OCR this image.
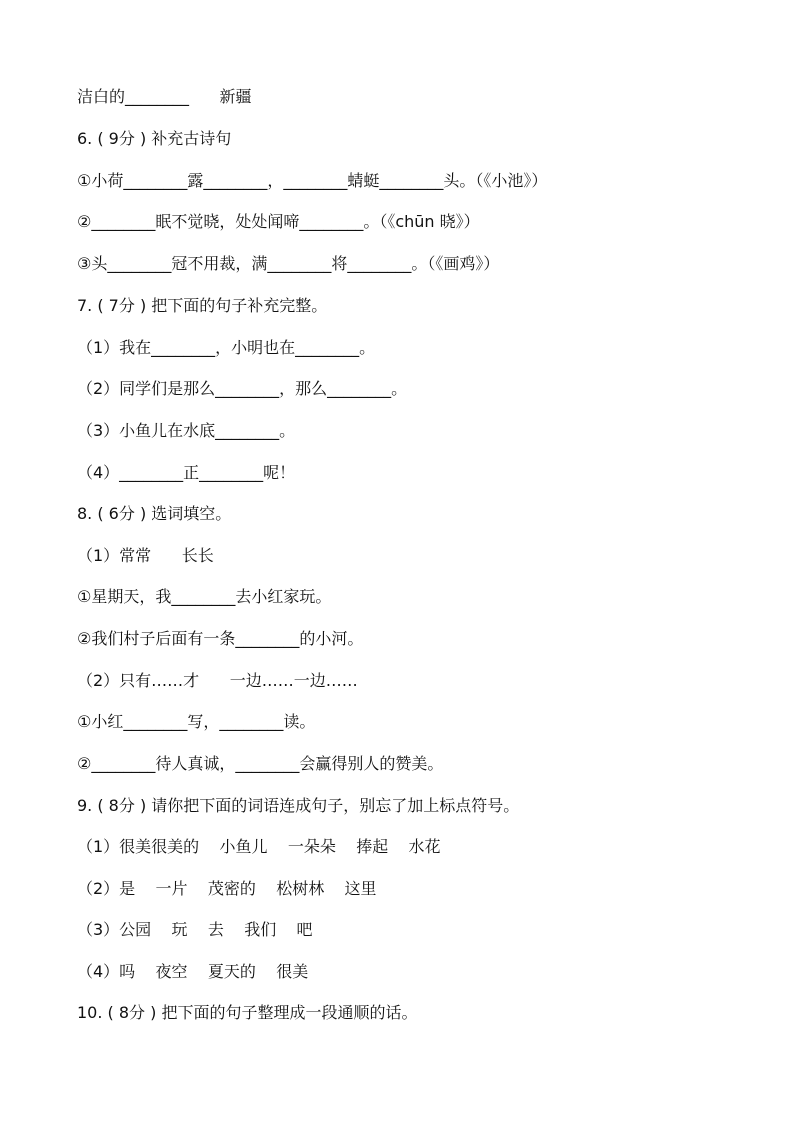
洁白的________      新疆
6. ( 9分 ) 补充古诗句
①小荷________露________，________蜻蜓________头。（《小池》）
②________眠不觉晓，处处闻啼________。（《chūn 晓》）
③头________冠不用裁，满________将________。（《画鸡》）
7. ( 7分 ) 把下面的句子补充完整。
（1）我在________，小明也在________。
（2）同学们是那么________，那么________。
（3）小鱼儿在水底________。
（4）________正________呢！
8. ( 6分 ) 选词填空。
（1）常常      长长
①星期天，我________去小红家玩。
②我们村子后面有一条________的小河。
（2）只有……才      一边……一边……
①小红________写，________读。
②________待人真诚，________会赢得别人的赞美。
9. ( 8分 ) 请你把下面的词语连成句子，别忘了加上标点符号。
（1）很美很美的    小鱼儿    一朵朵    捧起    水花
（2）是    一片    茂密的    松树林    这里
（3）公园    玩    去    我们    吧
（4）吗    夜空    夏天的    很美
10. ( 8分 ) 把下面的句子整理成一段通顺的话。
